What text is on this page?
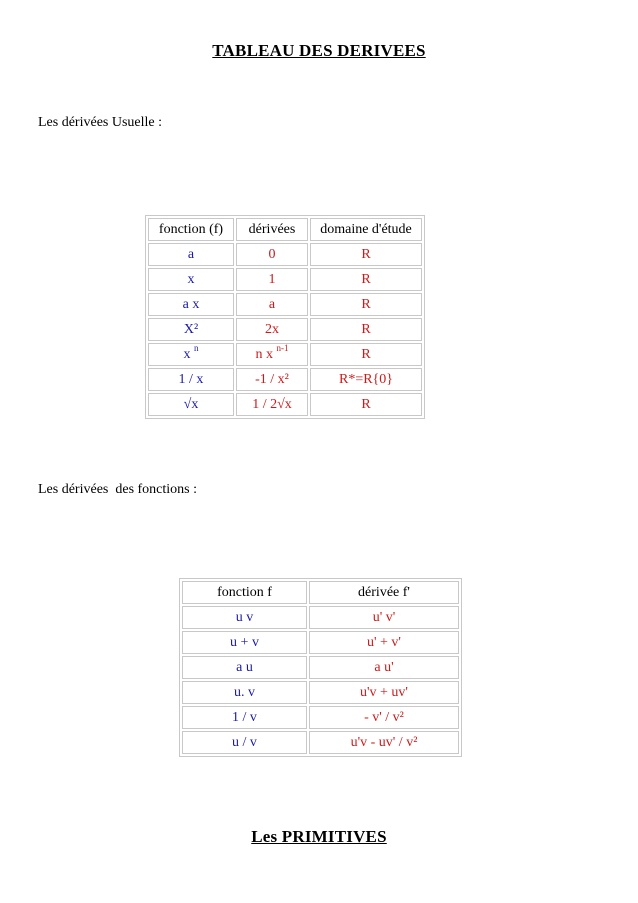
TABLEAU DES DERIVEES
Les dérivées Usuelle :
fonction (f)	dérivées	domaine d'étude
a	0	R
x	1	R
a x	a	R
X²	2x	R
x $^n$	n x $^{n-1}$	R
1 / x	-1 / x²	R*=R{0}
√x	1 / 2√x	R
Les dérivées  des fonctions :
fonction f	dérivée f'
u v	u' v'
u + v	u' + v'
a u	a u'
u. v	u'v + uv'
1 / v	- v' / v²
u / v	u'v - uv' / v²
Les PRIMITIVES
